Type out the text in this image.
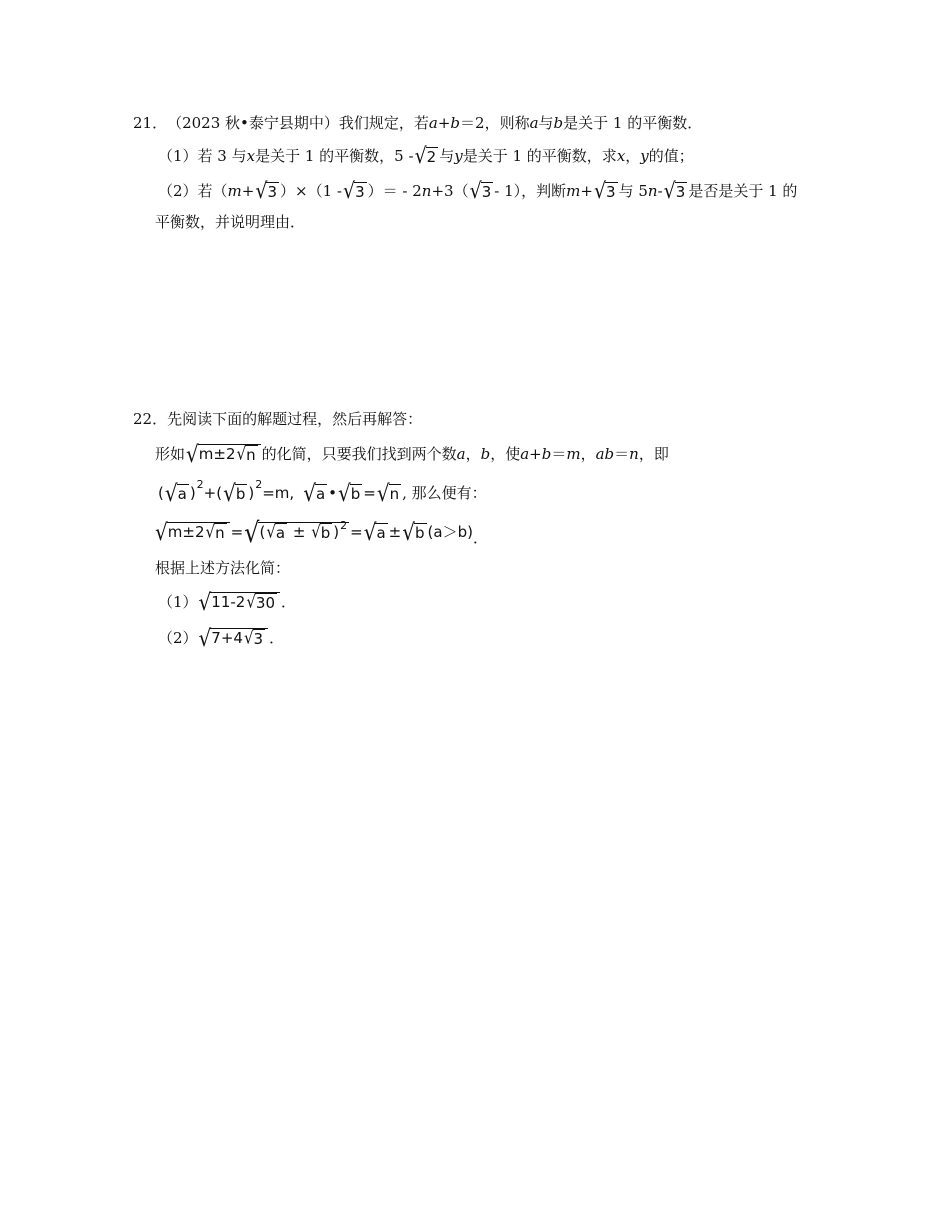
21． （2023 秋•泰宁县期中） 我们规定，若 a+b ＝2，则称 a 与 b 是关于 1 的平衡数．
（1）若 3 与 x 是关于 1 的平衡数，5 - √ 2 与 y 是关于 1 的平衡数，求 x ， y 的值；
（2）若（ m + √ 3 ）×（1 - √ 3 ）＝ - 2 n +3（ √ 3 - 1），判断 m + √ 3 与 5 n - √ 3 是否是关于 1 的
平衡数，并说明理由．
22．先阅读下面的解题过程，然后再解答：
形如 √ m±2 √ n 的化简，只要我们找到两个数 a ， b ，使 a+b ＝ m ， ab ＝ n ，即
( √ a ) 2 +( √ b ) 2 =m, √ a • √ b = √ n , 那么便有：
√ m±2 √ n = √ ( √ a ± √ b )$^2$ = √ a ± √ b (a＞b) ．
根据上述方法化简：
（1） √ 11-2 √ 30 ．
（2） √ 7+4 √ 3 ．
